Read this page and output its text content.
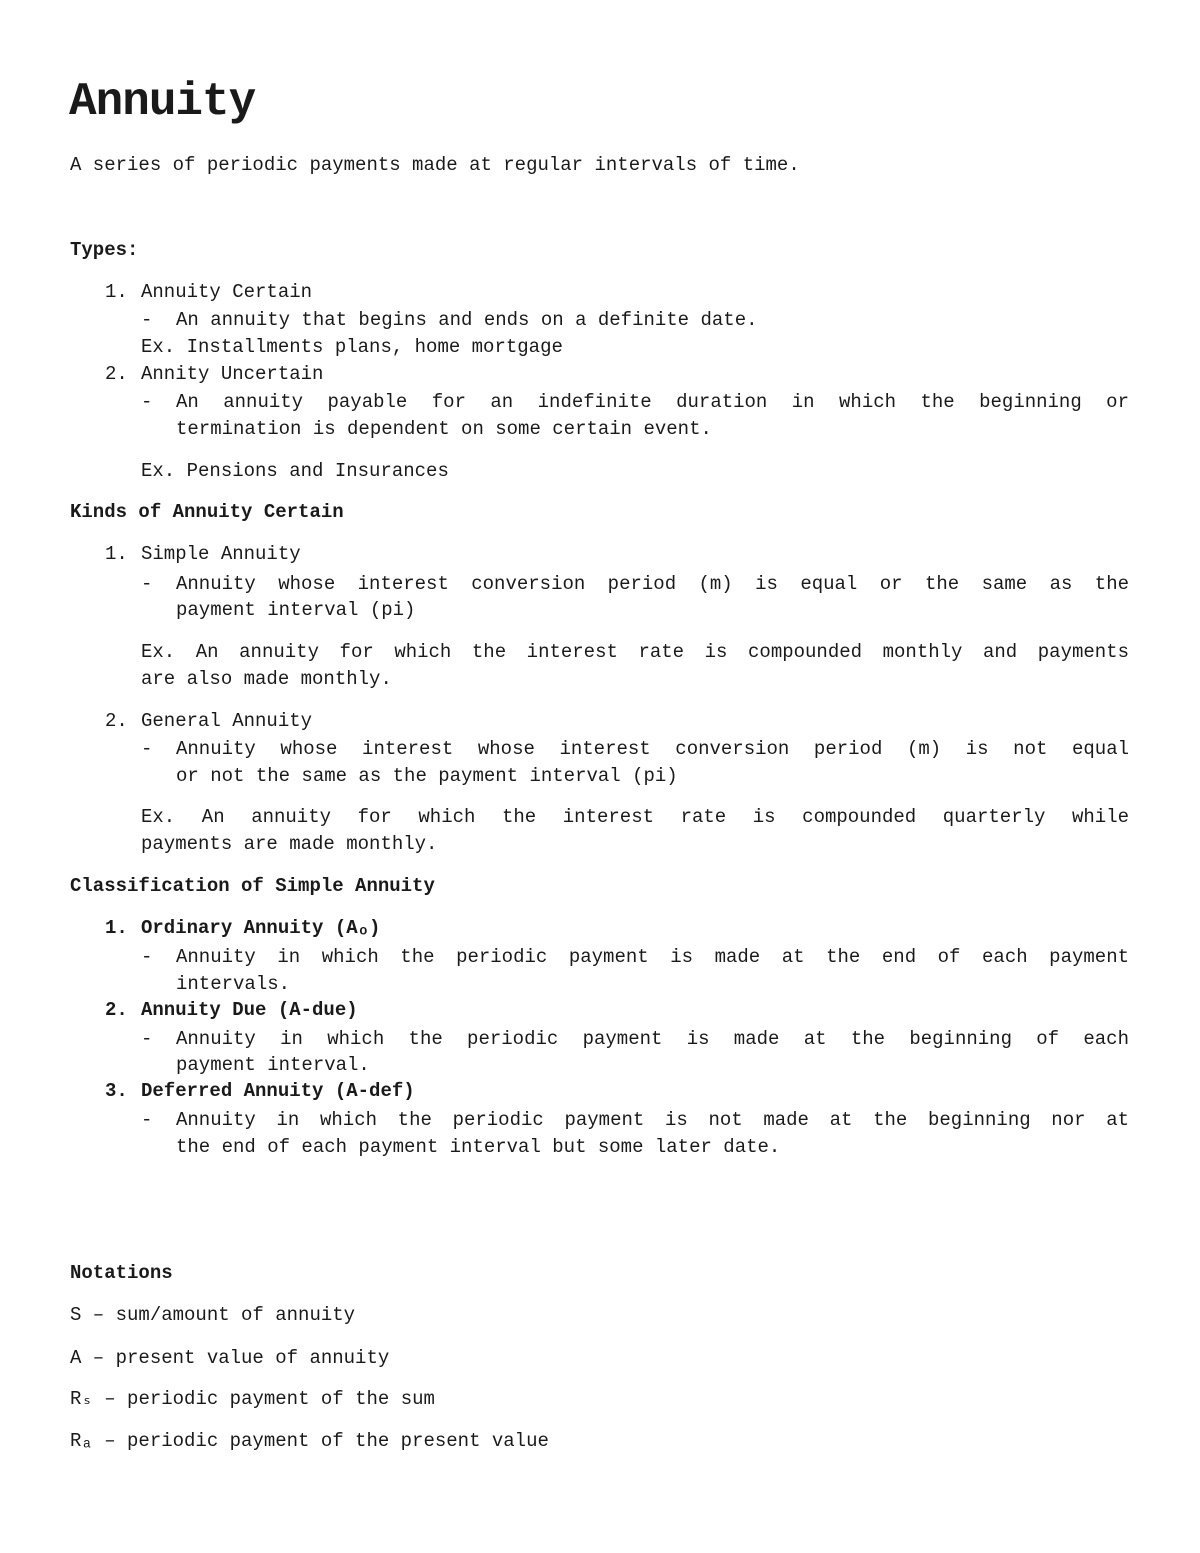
Annuity
A series of periodic payments made at regular intervals of time.
Types:
1. Annuity Certain
- An annuity that begins and ends on a definite date.
Ex. Installments plans, home mortgage
2. Annity Uncertain
- An annuity payable for an indefinite duration in which the beginning or
termination is dependent on some certain event.
Ex. Pensions and Insurances
Kinds of Annuity Certain
1. Simple Annuity
- Annuity whose interest conversion period (m) is equal or the same as the
payment interval (pi)
Ex. An annuity for which the interest rate is compounded monthly and payments
are also made monthly.
2. General Annuity
- Annuity whose interest whose interest conversion period (m) is not equal
or not the same as the payment interval (pi)
Ex. An annuity for which the interest rate is compounded quarterly while
payments are made monthly.
Classification of Simple Annuity
1. Ordinary Annuity (Aₒ)
- Annuity in which the periodic payment is made at the end of each payment
intervals.
2. Annuity Due (A-due)
- Annuity in which the periodic payment is made at the beginning of each
payment interval.
3. Deferred Annuity (A-def)
- Annuity in which the periodic payment is not made at the beginning nor at
the end of each payment interval but some later date.
Notations
S – sum/amount of annuity
A – present value of annuity
Rₛ – periodic payment of the sum
Rₐ – periodic payment of the present value
